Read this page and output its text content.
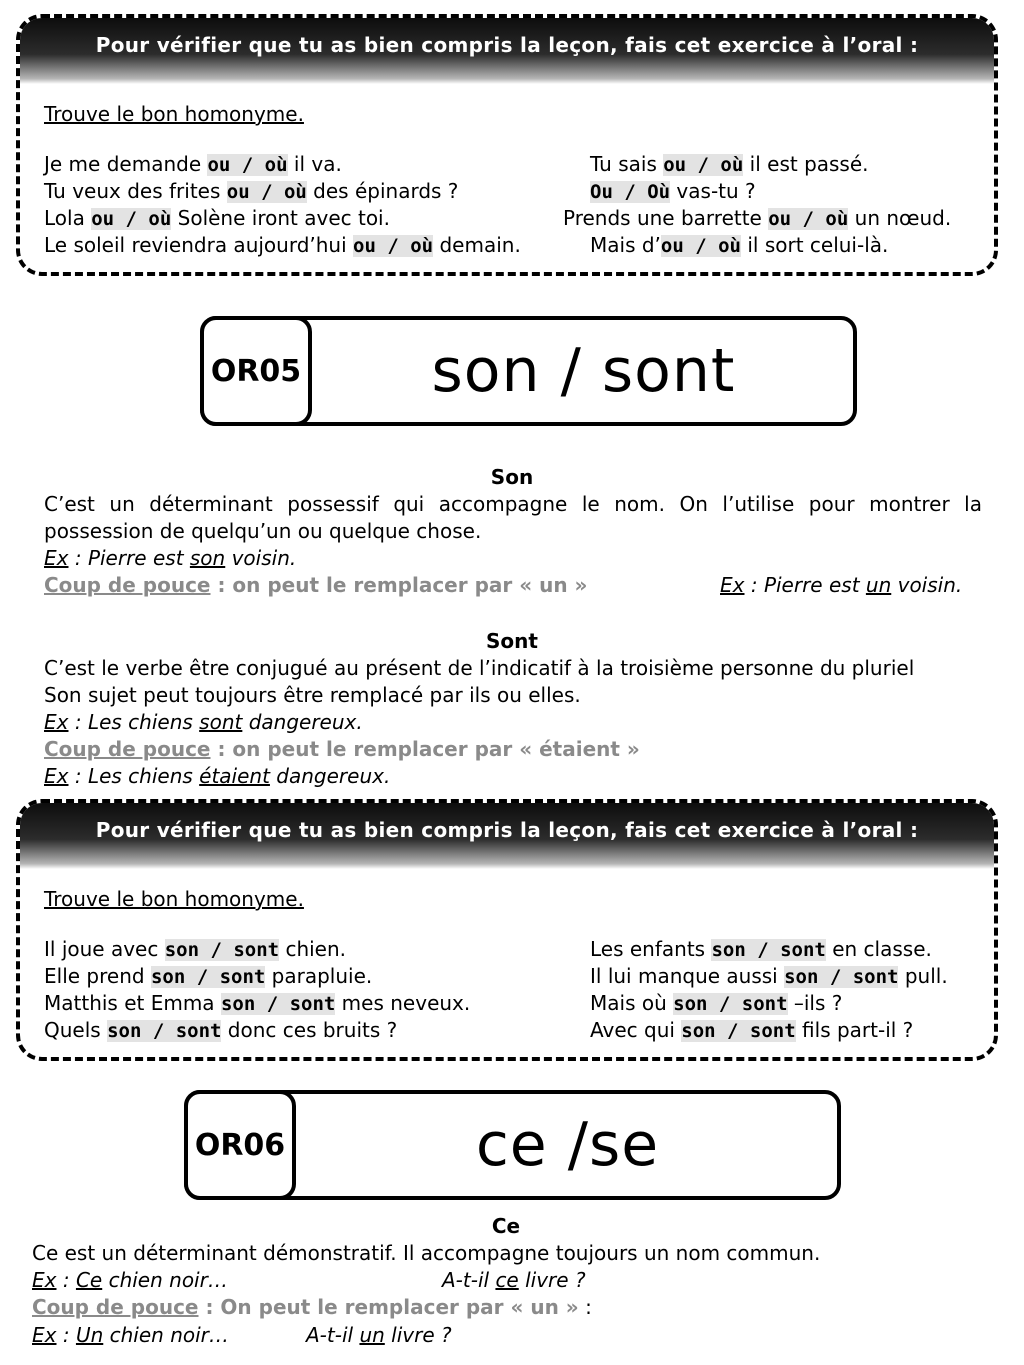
Pour vérifier que tu as bien compris la leçon, fais cet exercice à l’oral :
Trouve le bon homonyme.
Je me demande ou / où il va.
Tu veux des frites ou / où des épinards ?
Lola ou / où Solène iront avec toi.
Le soleil reviendra aujourd’hui ou / où demain.
Tu sais ou / où il est passé.
Ou / Où vas-tu ?
Prends une barrette ou / où un nœud.
Mais d’ou / où il sort celui-là.
OR05	son / sont
Son
C’est un déterminant possessif qui accompagne le nom. On l’utilise pour montrer la possession de quelqu’un ou quelque chose.
Ex : Pierre est son voisin.
Coup de pouce : on peut le remplacer par « un »	Ex : Pierre est un voisin.
Sont
C’est le verbe être conjugué au présent de l’indicatif à la troisième personne du pluriel
Son sujet peut toujours être remplacé par ils ou elles.
Ex : Les chiens sont dangereux.
Coup de pouce : on peut le remplacer par « étaient »
Ex : Les chiens étaient dangereux.
Pour vérifier que tu as bien compris la leçon, fais cet exercice à l’oral :
Trouve le bon homonyme.
Il joue avec son / sont chien.
Elle prend son / sont parapluie.
Matthis et Emma son / sont mes neveux.
Quels son / sont donc ces bruits ?
Les enfants son / sont en classe.
Il lui manque aussi son / sont pull.
Mais où son / sont –ils ?
Avec qui son / sont fils part-il ?
OR06	ce /se
Ce
Ce est un déterminant démonstratif. Il accompagne toujours un nom commun.
Ex : Ce chien noir…	A-t-il ce livre ?
Coup de pouce : On peut le remplacer par « un » :
Ex : Un chien noir…	A-t-il un livre ?
